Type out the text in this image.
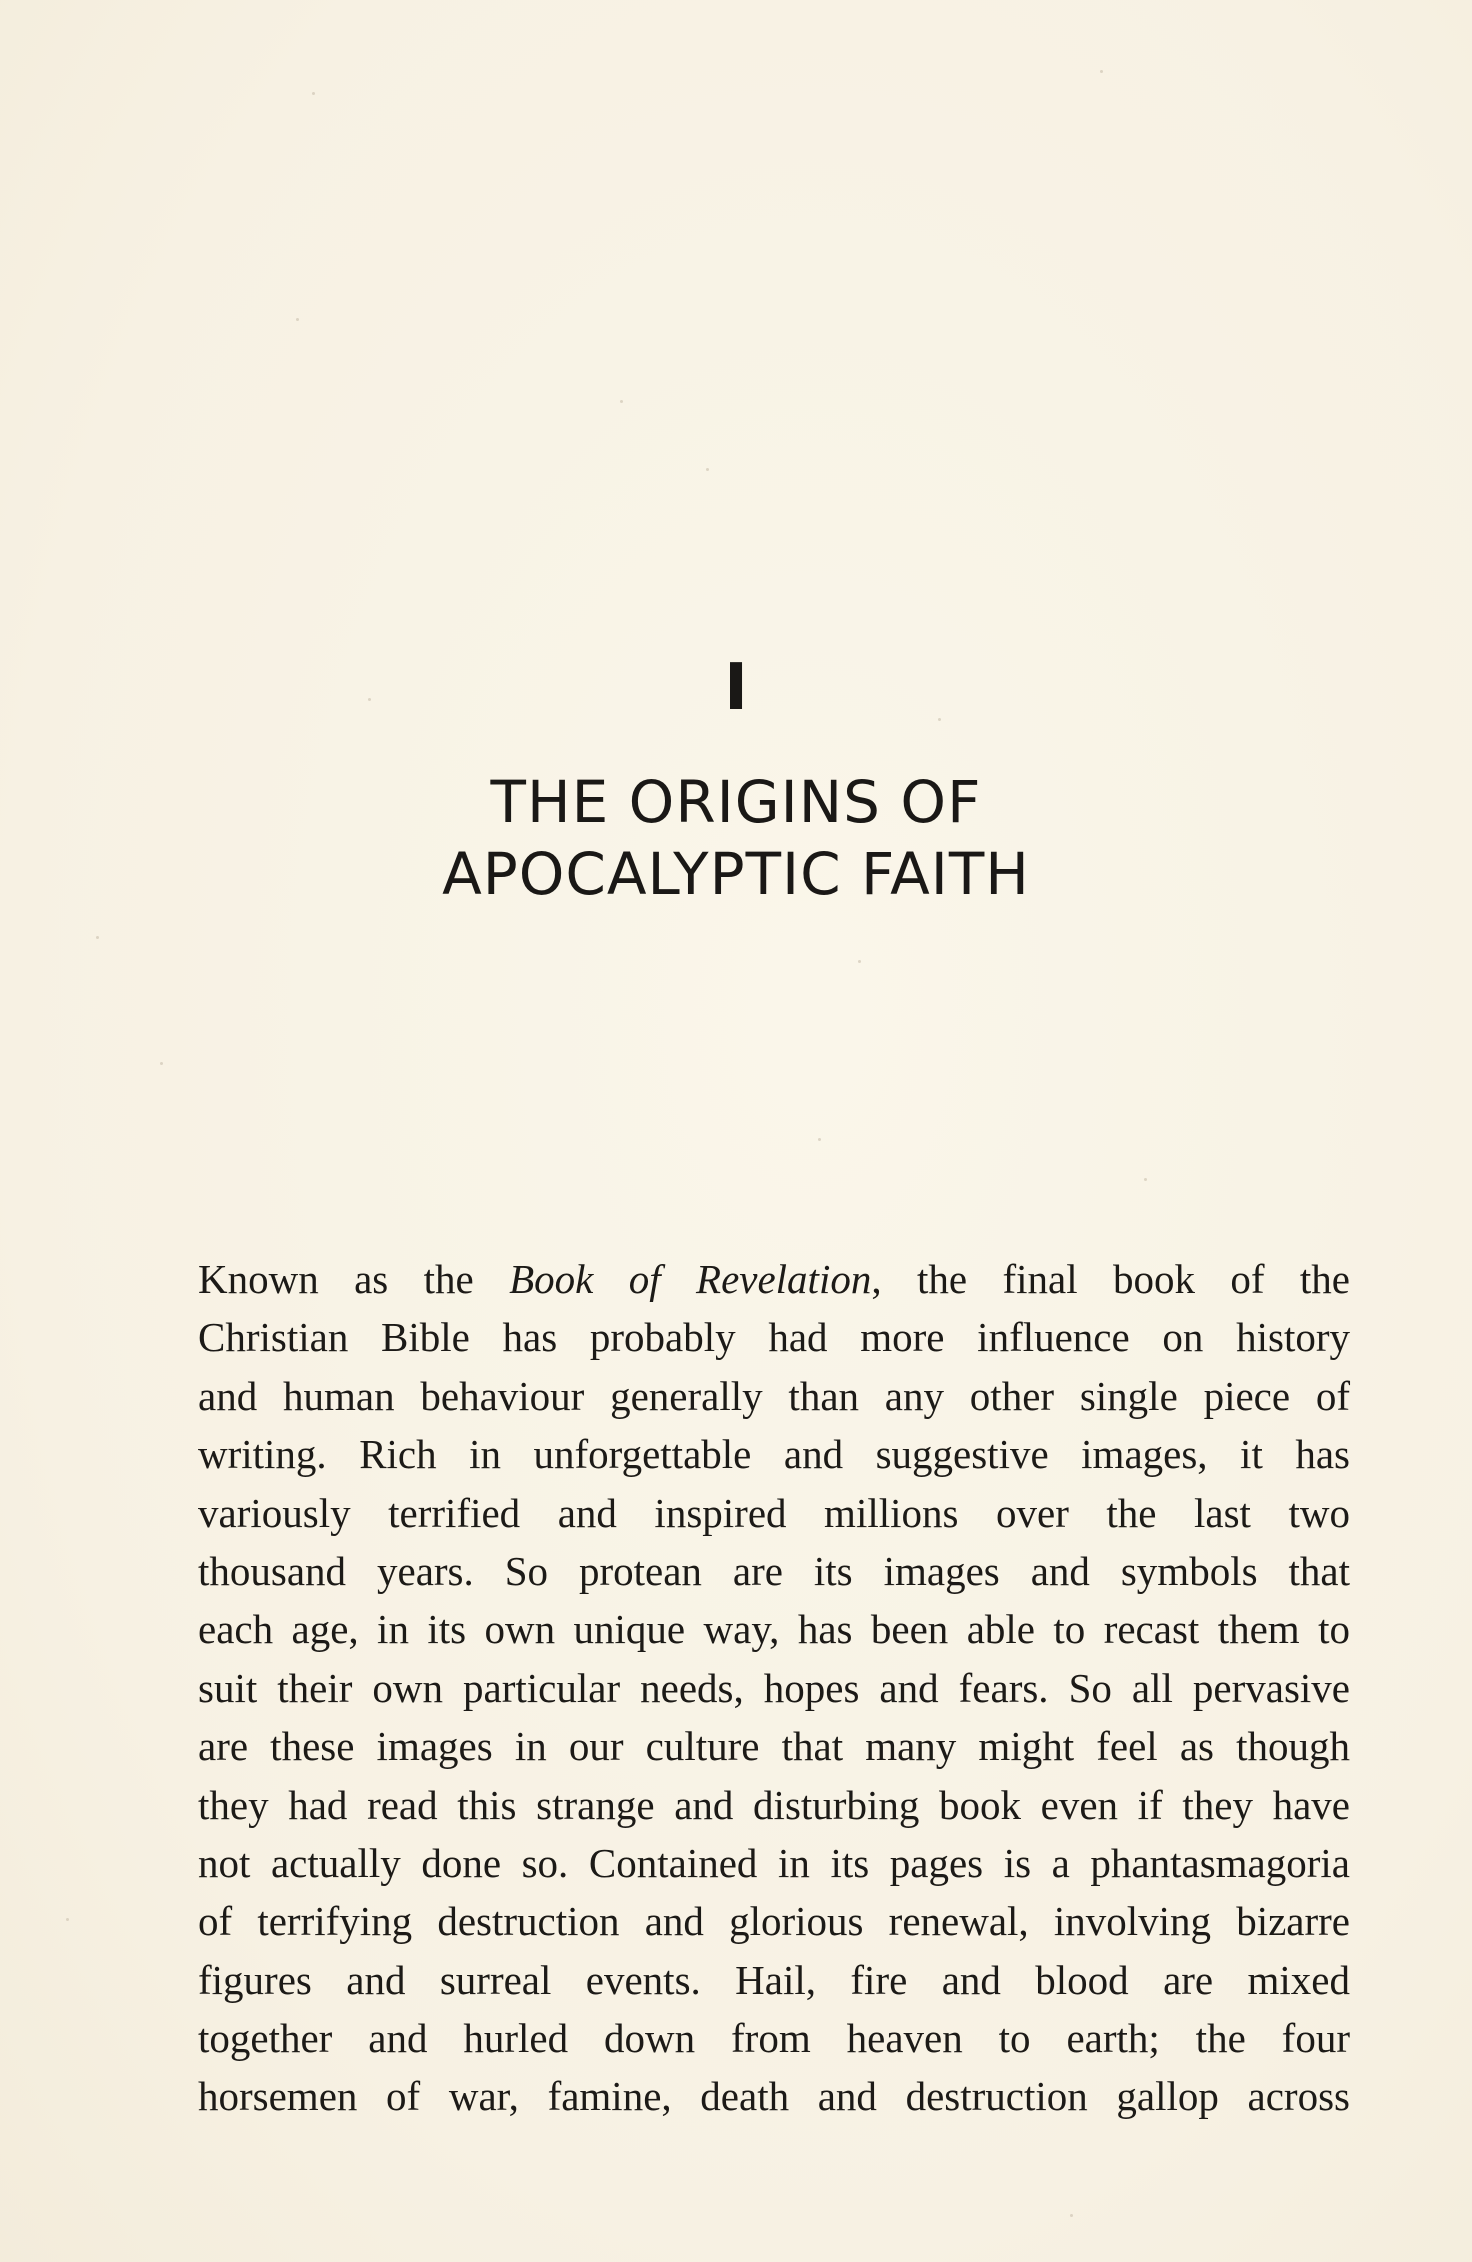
I
THE ORIGINS OF
APOCALYPTIC FAITH
Known as the Book of Revelation, the final book of the
Christian Bible has probably had more influence on history
and human behaviour generally than any other single piece of
writing. Rich in unforgettable and suggestive images, it has
variously terrified and inspired millions over the last two
thousand years. So protean are its images and symbols that
each age, in its own unique way, has been able to recast them to
suit their own particular needs, hopes and fears. So all pervasive
are these images in our culture that many might feel as though
they had read this strange and disturbing book even if they have
not actually done so. Contained in its pages is a phantasmagoria
of terrifying destruction and glorious renewal, involving bizarre
figures and surreal events. Hail, fire and blood are mixed
together and hurled down from heaven to earth; the four
horsemen of war, famine, death and destruction gallop across
